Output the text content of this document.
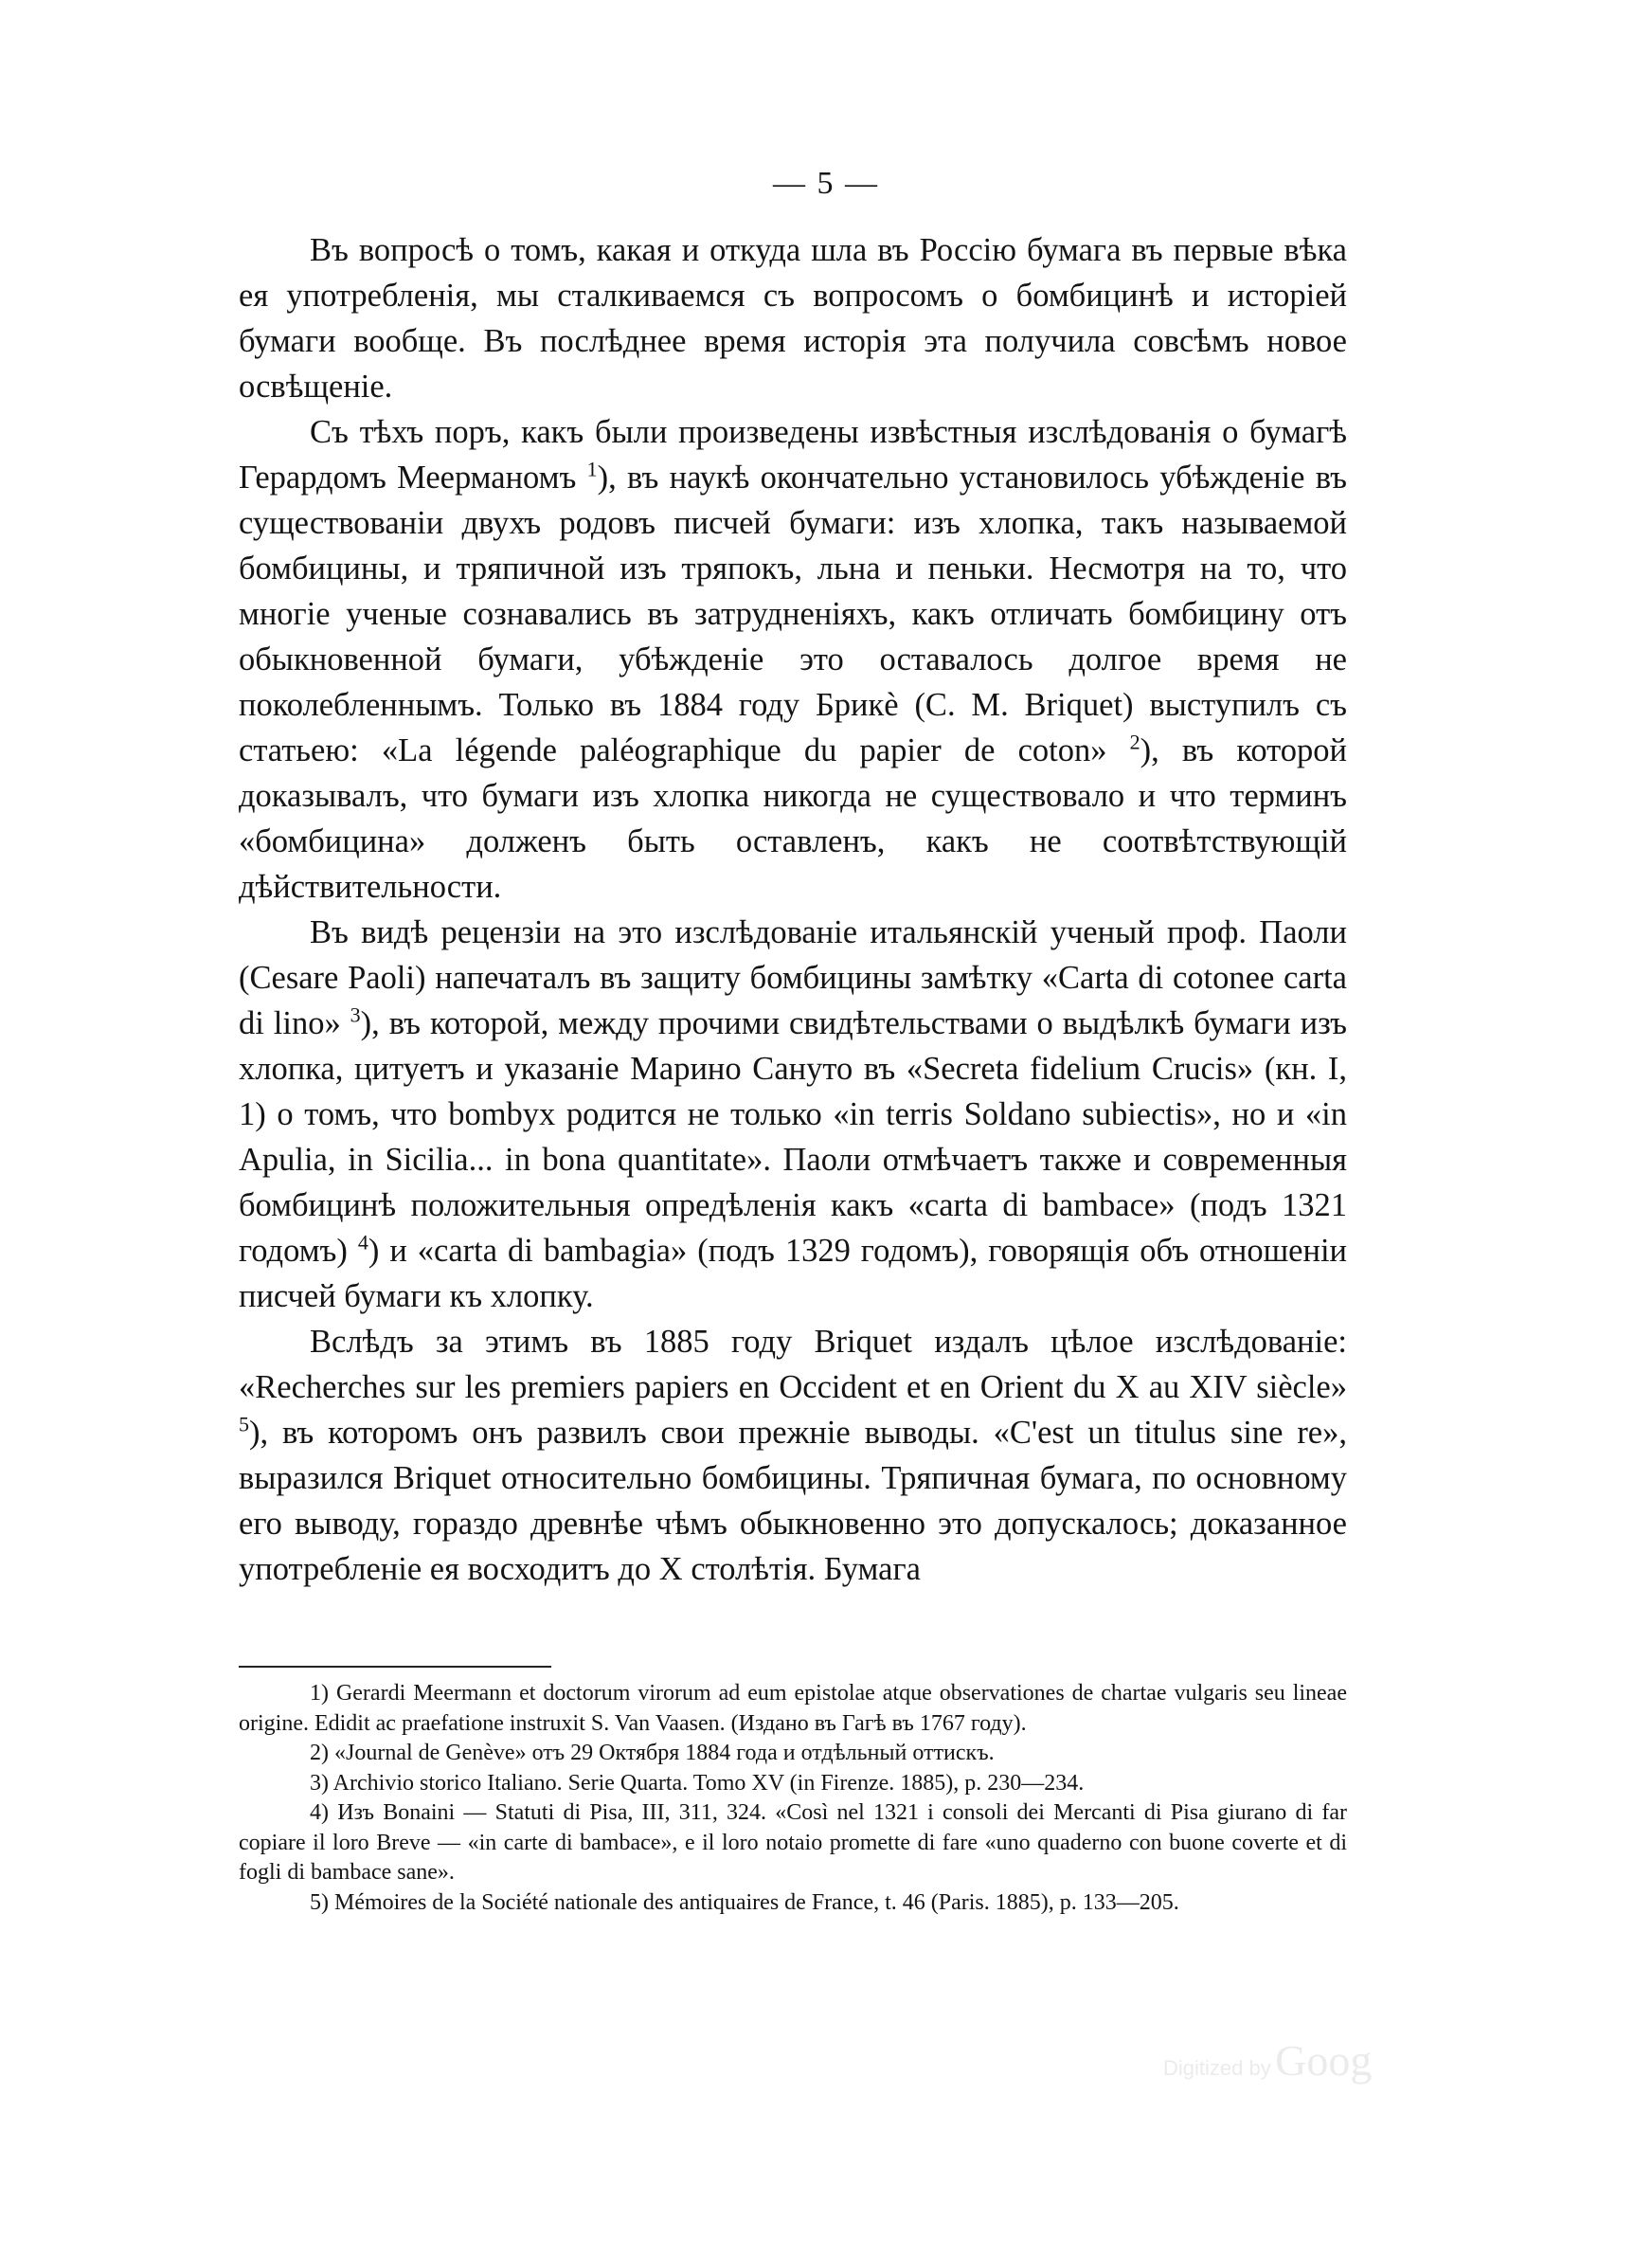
— 5 —

Въ вопросѣ о томъ, какая и откуда шла въ Россію бумага въ первые вѣка ея употребленія, мы сталкиваемся съ вопросомъ о бомбицинѣ и исторіей бумаги вообще. Въ послѣднее время исторія эта получила совсѣмъ новое освѣщеніе.

Съ тѣхъ поръ, какъ были произведены извѣстныя изслѣдованія о бумагѣ Герардомъ Меерманомъ $^1$), въ наукѣ окончательно установилось убѣжденіе въ существованіи двухъ родовъ писчей бумаги: изъ хлопка, такъ называемой бомбицины, и тряпичной изъ тряпокъ, льна и пеньки. Несмотря на то, что многіе ученые сознавались въ затрудненіяхъ, какъ отличать бомбицину отъ обыкновенной бумаги, убѣжденіе это оставалось долгое время не поколебленнымъ. Только въ 1884 году Брикѐ (С. M. Briquet) выступилъ съ статьею: «La légende paléographique du papier de coton» $^2$), въ которой доказывалъ, что бумаги изъ хлопка никогда не существовало и что терминъ «бомбицина» долженъ быть оставленъ, какъ не соотвѣтствующій дѣйствительности.

Въ видѣ рецензіи на это изслѣдованіе итальянскій ученый проф. Паоли (Cesare Paoli) напечаталъ въ защиту бомбицины замѣтку «Carta di cotonee carta di lino» $^3$), въ которой, между прочими свидѣтельствами о выдѣлкѣ бумаги изъ хлопка, цитуетъ и указаніе Марино Сануто въ «Secreta fidelium Crucis» (кн. I, 1) о томъ, что bombyx родится не только «in terris Soldano subiectis», но и «in Apulia, in Sicilia... in bona quantitate». Паоли отмѣчаетъ также и современныя бомбицинѣ положительныя опредѣленія какъ «carta di bambace» (подъ 1321 годомъ) $^4$) и «carta di bambagia» (подъ 1329 годомъ), говорящія объ отношеніи писчей бумаги къ хлопку.

Вслѣдъ за этимъ въ 1885 году Briquet издалъ цѣлое изслѣдованіе: «Recherches sur les premiers papiers en Occident et en Orient du X au XIV siècle» $^5$), въ которомъ онъ развилъ свои прежніе выводы. «C'est un titulus sine re», выразился Briquet относительно бомбицины. Тряпичная бумага, по основному его выводу, гораздо древнѣе чѣмъ обыкновенно это допускалось; доказанное употребленіе ея восходитъ до X столѣтія. Бумага

1) Gerardi Meermann et doctorum virorum ad eum epistolae atque observationes de chartae vulgaris seu lineae origine. Edidit ac praefatione instruxit S. Van Vaasen. (Издано въ Гагѣ въ 1767 году).

2) «Journal de Genève» отъ 29 Октября 1884 года и отдѣльный оттискъ.

3) Archivio storico Italiano. Serie Quarta. Tomo XV (in Firenze. 1885), p. 230—234.

4) Изъ Bonaini — Statuti di Pisa, III, 311, 324. «Così nel 1321 i consoli dei Mercanti di Pisa giurano di far copiare il loro Breve — «in carte di bambace», e il loro notaio promette di fare «uno quaderno con buone coverte et di fogli di bambace sane».

5) Mémoires de la Société nationale des antiquaires de France, t. 46 (Paris. 1885), p. 133—205.

Digitized by Goog
